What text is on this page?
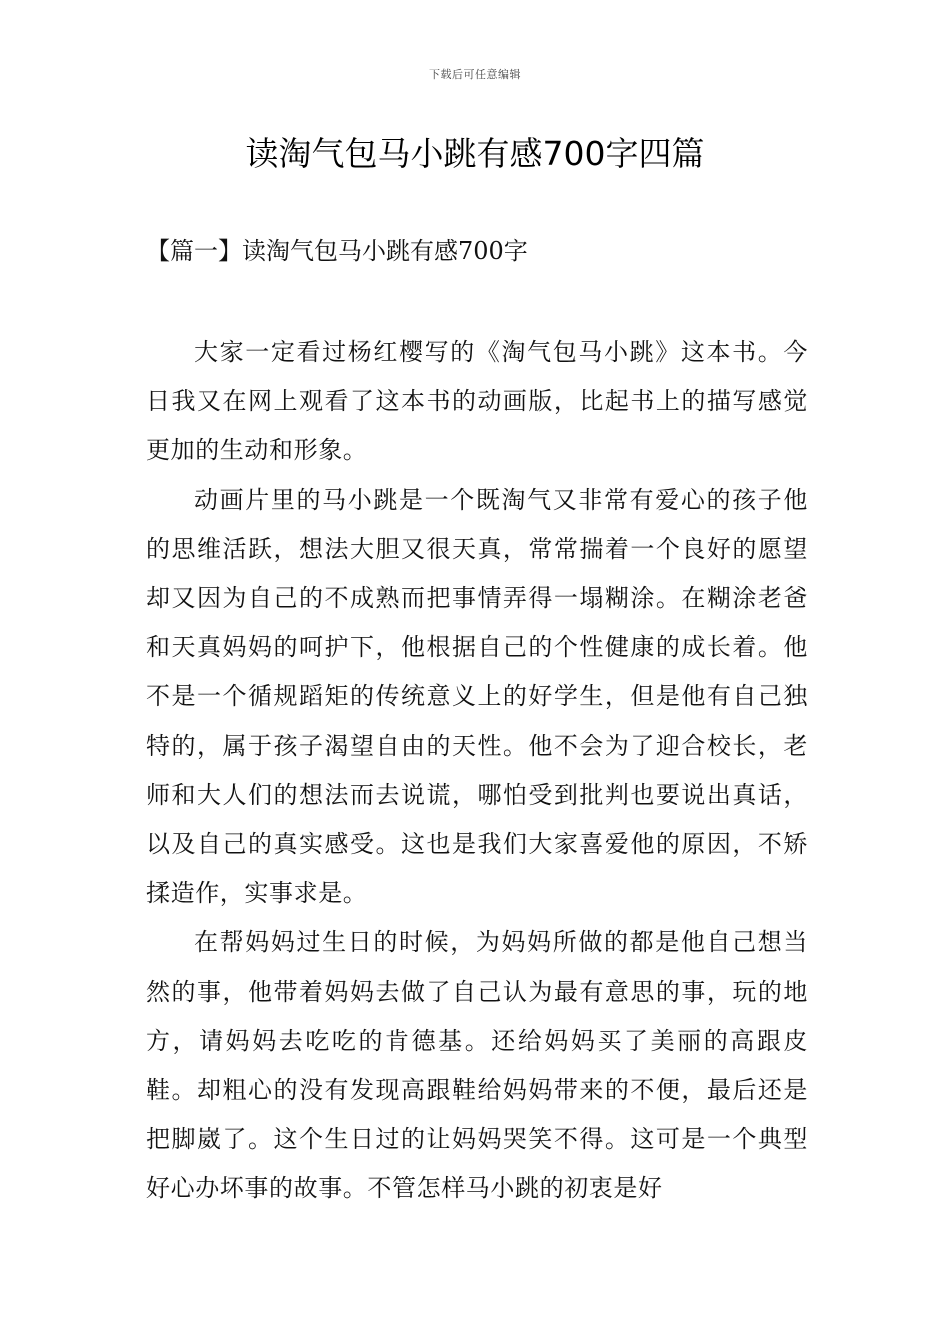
下载后可任意编辑
读淘气包马小跳有感700字四篇
【篇一】读淘气包马小跳有感700字

大家一定看过杨红樱写的《淘气包马小跳》这本书。今日我又在网上观看了这本书的动画版，比起书上的描写感觉更加的生动和形象。

动画片里的马小跳是一个既淘气又非常有爱心的孩子他的思维活跃，想法大胆又很天真，常常揣着一个良好的愿望却又因为自己的不成熟而把事情弄得一塌糊涂。在糊涂老爸和天真妈妈的呵护下，他根据自己的个性健康的成长着。他不是一个循规蹈矩的传统意义上的好学生，但是他有自己独特的，属于孩子渴望自由的天性。他不会为了迎合校长，老师和大人们的想法而去说谎，哪怕受到批判也要说出真话，以及自己的真实感受。这也是我们大家喜爱他的原因，不矫揉造作，实事求是。

在帮妈妈过生日的时候，为妈妈所做的都是他自己想当然的事，他带着妈妈去做了自己认为最有意思的事，玩的地方，请妈妈去吃吃的肯德基。还给妈妈买了美丽的高跟皮鞋。却粗心的没有发现高跟鞋给妈妈带来的不便，最后还是把脚崴了。这个生日过的让妈妈哭笑不得。这可是一个典型好心办坏事的故事。不管怎样马小跳的初衷是好
